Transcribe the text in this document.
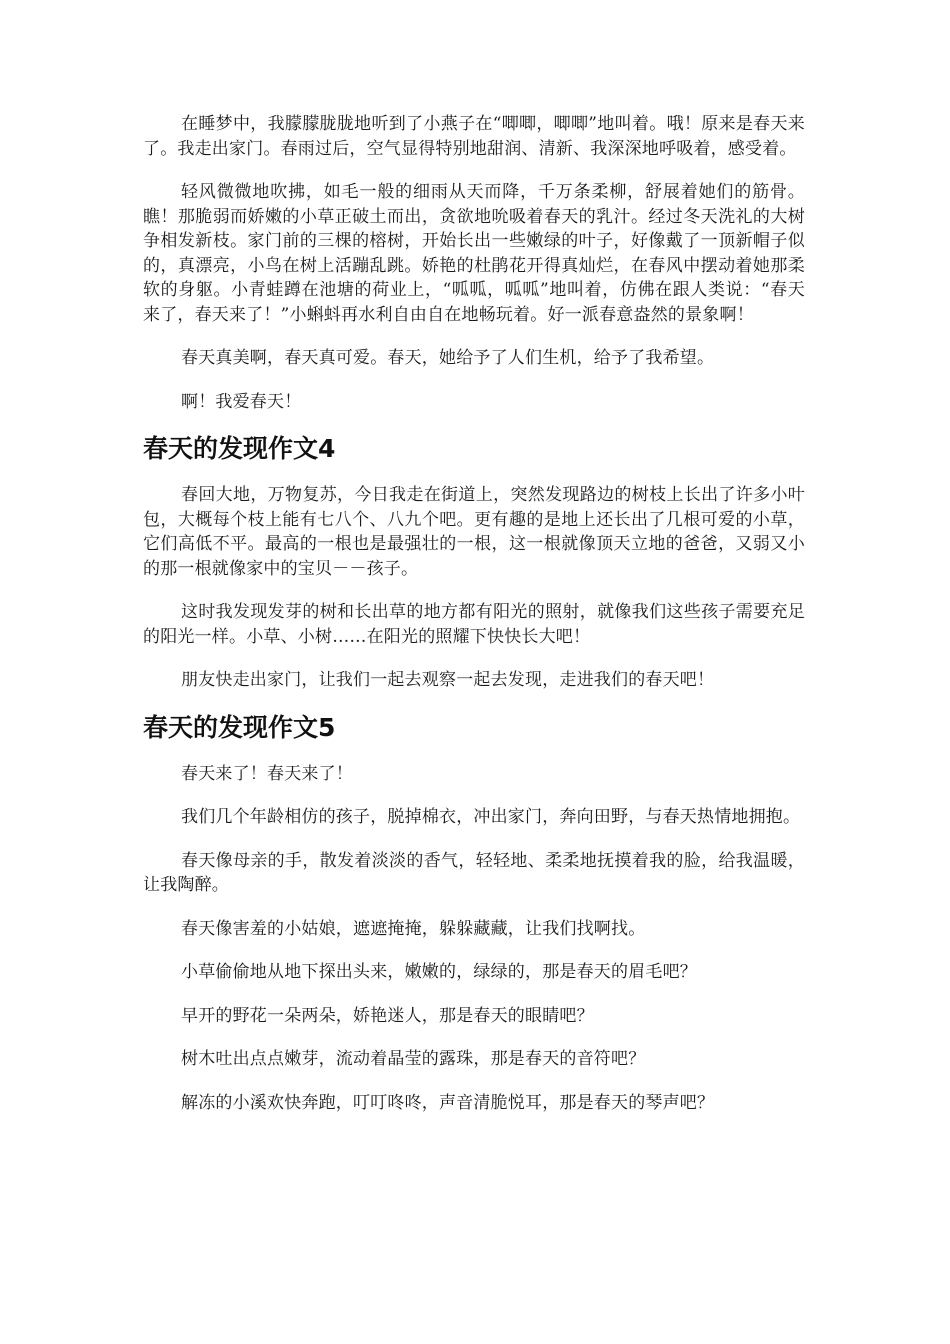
在睡梦中，我朦朦胧胧地听到了小燕子在“唧唧，唧唧”地叫着。哦！原来是春天来了。我走出家门。春雨过后，空气显得特别地甜润、清新、我深深地呼吸着，感受着。

轻风微微地吹拂，如毛一般的细雨从天而降，千万条柔柳，舒展着她们的筋骨。瞧！那脆弱而娇嫩的小草正破土而出，贪欲地吮吸着春天的乳汁。经过冬天洗礼的大树争相发新枝。家门前的三棵的榕树，开始长出一些嫩绿的叶子，好像戴了一顶新帽子似的，真漂亮，小鸟在树上活蹦乱跳。娇艳的杜鹃花开得真灿烂，在春风中摆动着她那柔软的身躯。小青蛙蹲在池塘的荷业上，“呱呱，呱呱”地叫着，仿佛在跟人类说：“春天来了，春天来了！”小蝌蚪再水利自由自在地畅玩着。好一派春意盎然的景象啊！

春天真美啊，春天真可爱。春天，她给予了人们生机，给予了我希望。

啊！我爱春天！

春天的发现作文4

春回大地，万物复苏，今日我走在街道上，突然发现路边的树枝上长出了许多小叶包，大概每个枝上能有七八个、八九个吧。更有趣的是地上还长出了几根可爱的小草，它们高低不平。最高的一根也是最强壮的一根，这一根就像顶天立地的爸爸，又弱又小的那一根就像家中的宝贝－－孩子。

这时我发现发芽的树和长出草的地方都有阳光的照射，就像我们这些孩子需要充足的阳光一样。小草、小树……在阳光的照耀下快快长大吧！

朋友快走出家门，让我们一起去观察一起去发现，走进我们的春天吧！

春天的发现作文5

春天来了！春天来了！

我们几个年龄相仿的孩子，脱掉棉衣，冲出家门，奔向田野，与春天热情地拥抱。

春天像母亲的手，散发着淡淡的香气，轻轻地、柔柔地抚摸着我的脸，给我温暖，让我陶醉。

春天像害羞的小姑娘，遮遮掩掩，躲躲藏藏，让我们找啊找。

小草偷偷地从地下探出头来，嫩嫩的，绿绿的，那是春天的眉毛吧？

早开的野花一朵两朵，娇艳迷人，那是春天的眼睛吧？

树木吐出点点嫩芽，流动着晶莹的露珠，那是春天的音符吧？

解冻的小溪欢快奔跑，叮叮咚咚，声音清脆悦耳，那是春天的琴声吧？
